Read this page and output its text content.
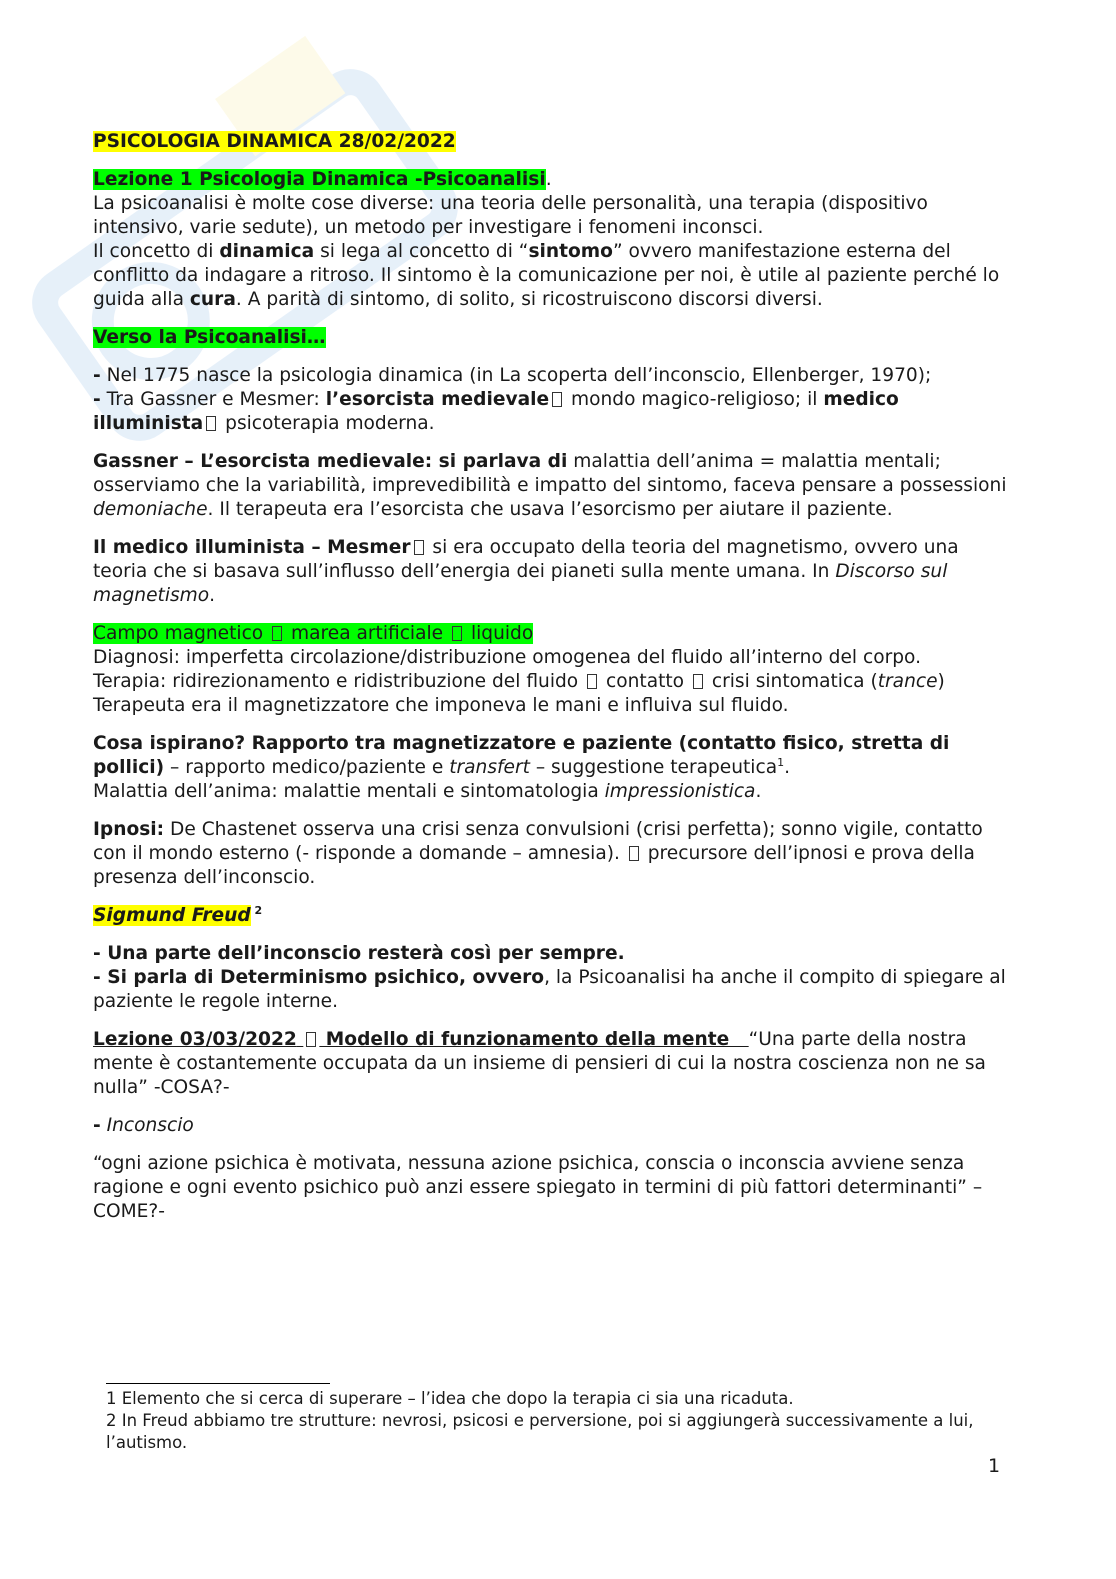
PSICOLOGIA DINAMICA 28/02/2022

Lezione 1 Psicologia Dinamica -Psicoanalisi.

La psicoanalisi è molte cose diverse: una teoria delle personalità, una terapia (dispositivo intensivo, varie sedute), un metodo per investigare i fenomeni inconsci.

Il concetto di dinamica si lega al concetto di “sintomo” ovvero manifestazione esterna del conflitto da indagare a ritroso. Il sintomo è la comunicazione per noi, è utile al paziente perché lo guida alla cura. A parità di sintomo, di solito, si ricostruiscono discorsi diversi.

Verso la Psicoanalisi…

- Nel 1775 nasce la psicologia dinamica (in La scoperta dell’inconscio, Ellenberger, 1970);

- Tra Gassner e Mesmer: l’esorcista medievale mondo magico-religioso; il medico illuminista psicoterapia moderna.

Gassner – L’esorcista medievale: si parlava di malattia dell’anima = malattia mentali; osserviamo che la variabilità, imprevedibilità e impatto del sintomo, faceva pensare a possessioni demoniache. Il terapeuta era l’esorcista che usava l’esorcismo per aiutare il paziente.

Il medico illuminista – Mesmer si era occupato della teoria del magnetismo, ovvero una teoria che si basava sull’influsso dell’energia dei pianeti sulla mente umana. In Discorso sul magnetismo.

Campo magnetico marea artificiale liquido

Diagnosi: imperfetta circolazione/distribuzione omogenea del fluido all’interno del corpo.

Terapia: ridirezionamento e ridistribuzione del fluido contatto crisi sintomatica (trance)

Terapeuta era il magnetizzatore che imponeva le mani e influiva sul fluido.

Cosa ispirano? Rapporto tra magnetizzatore e paziente (contatto fisico, stretta di pollici) – rapporto medico/paziente e transfert – suggestione terapeutica$^1$.
Malattia dell’anima: malattie mentali e sintomatologia impressionistica.

Ipnosi: De Chastenet osserva una crisi senza convulsioni (crisi perfetta); sonno vigile, contatto con il mondo esterno (- risponde a domande – amnesia).  precursore dell’ipnosi e prova della presenza dell’inconscio.

Sigmund Freud $^2$

- Una parte dell’inconscio resterà così per sempre.

- Si parla di Determinismo psichico, ovvero, la Psicoanalisi ha anche il compito di spiegare al paziente le regole interne.

Lezione 03/03/2022  Modello di funzionamento della mente   “Una parte della nostra mente è costantemente occupata da un insieme di pensieri di cui la nostra coscienza non ne sa nulla” -COSA?-

- Inconscio

“ogni azione psichica è motivata, nessuna azione psichica, conscia o inconscia avviene senza ragione e ogni evento psichico può anzi essere spiegato in termini di più fattori determinanti” – COME?-

1 Elemento che si cerca di superare – l’idea che dopo la terapia ci sia una ricaduta.
2 In Freud abbiamo tre strutture: nevrosi, psicosi e perversione, poi si aggiungerà successivamente a lui, l’autismo.
1
